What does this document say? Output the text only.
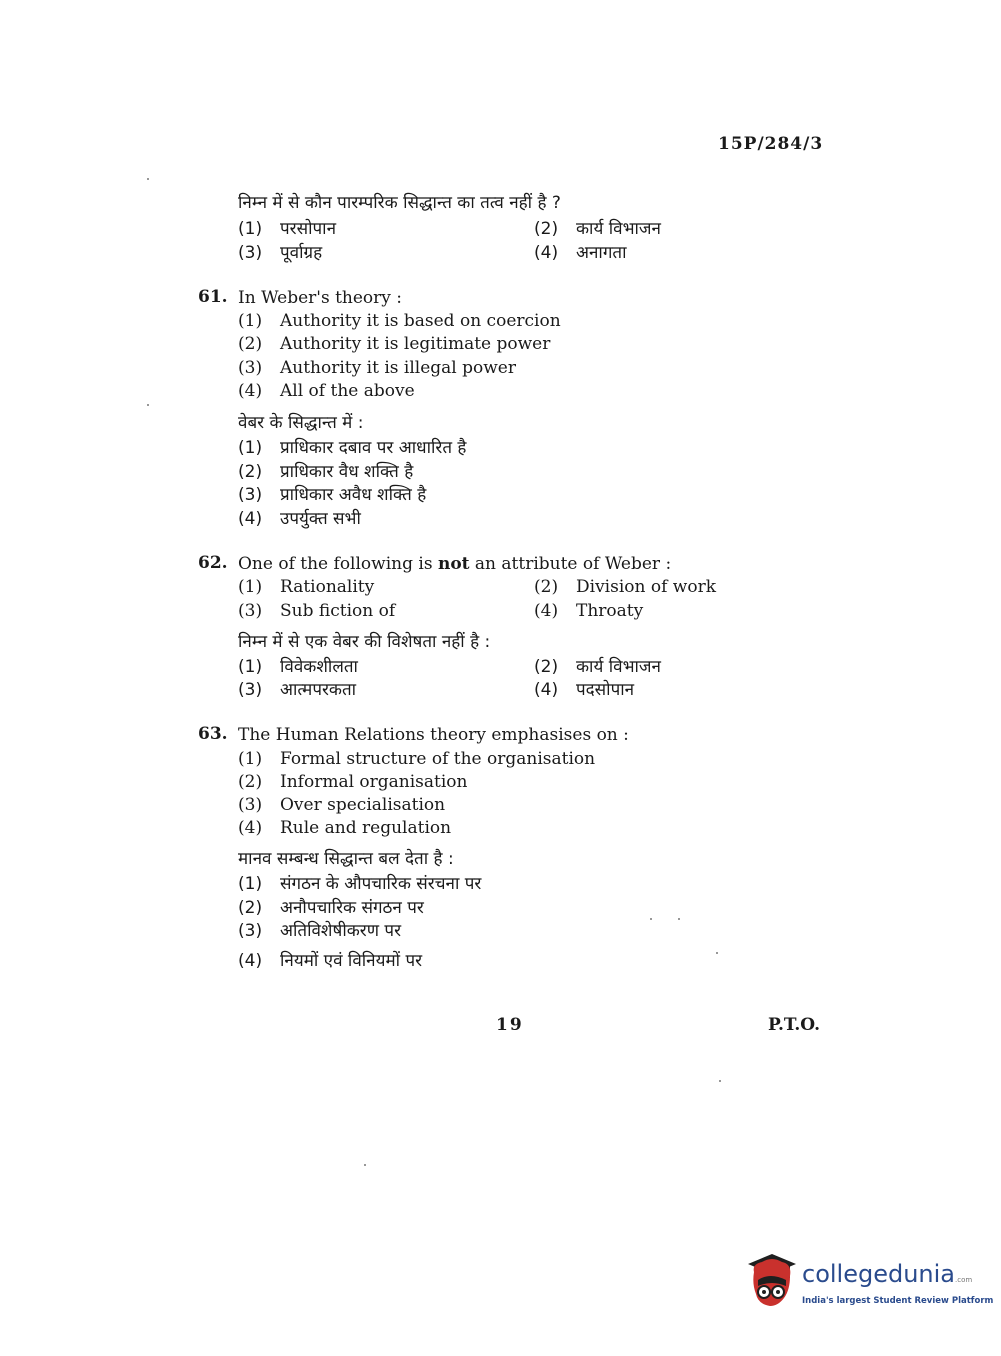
15P/284/3
निम्न में से कौन पारम्परिक सिद्धान्त का तत्व नहीं है ?
(1) परसोपान	(2) कार्य विभाजन
(3) पूर्वाग्रह	(4) अनागता
61. In Weber's theory :
(1) Authority it is based on coercion
(2) Authority it is legitimate power
(3) Authority it is illegal power
(4) All of the above
वेबर के सिद्धान्त में :
(1) प्राधिकार दबाव पर आधारित है
(2) प्राधिकार वैध शक्ति है
(3) प्राधिकार अवैध शक्ति है
(4) उपर्युक्त सभी
62. One of the following is not an attribute of Weber :
(1) Rationality	(2) Division of work
(3) Sub fiction of	(4) Throaty
निम्न में से एक वेबर की विशेषता नहीं है :
(1) विवेकशीलता	(2) कार्य विभाजन
(3) आत्मपरकता	(4) पदसोपान
63. The Human Relations theory emphasises on :
(1) Formal structure of the organisation
(2) Informal organisation
(3) Over specialisation
(4) Rule and regulation
मानव सम्बन्ध सिद्धान्त बल देता है :
(1) संगठन के औपचारिक संरचना पर
(2) अनौपचारिक संगठन पर
(3) अतिविशेषीकरण पर
(4) नियमों एवं विनियमों पर
19	P.T.O.
collegedunia.com
India's largest Student Review Platform
